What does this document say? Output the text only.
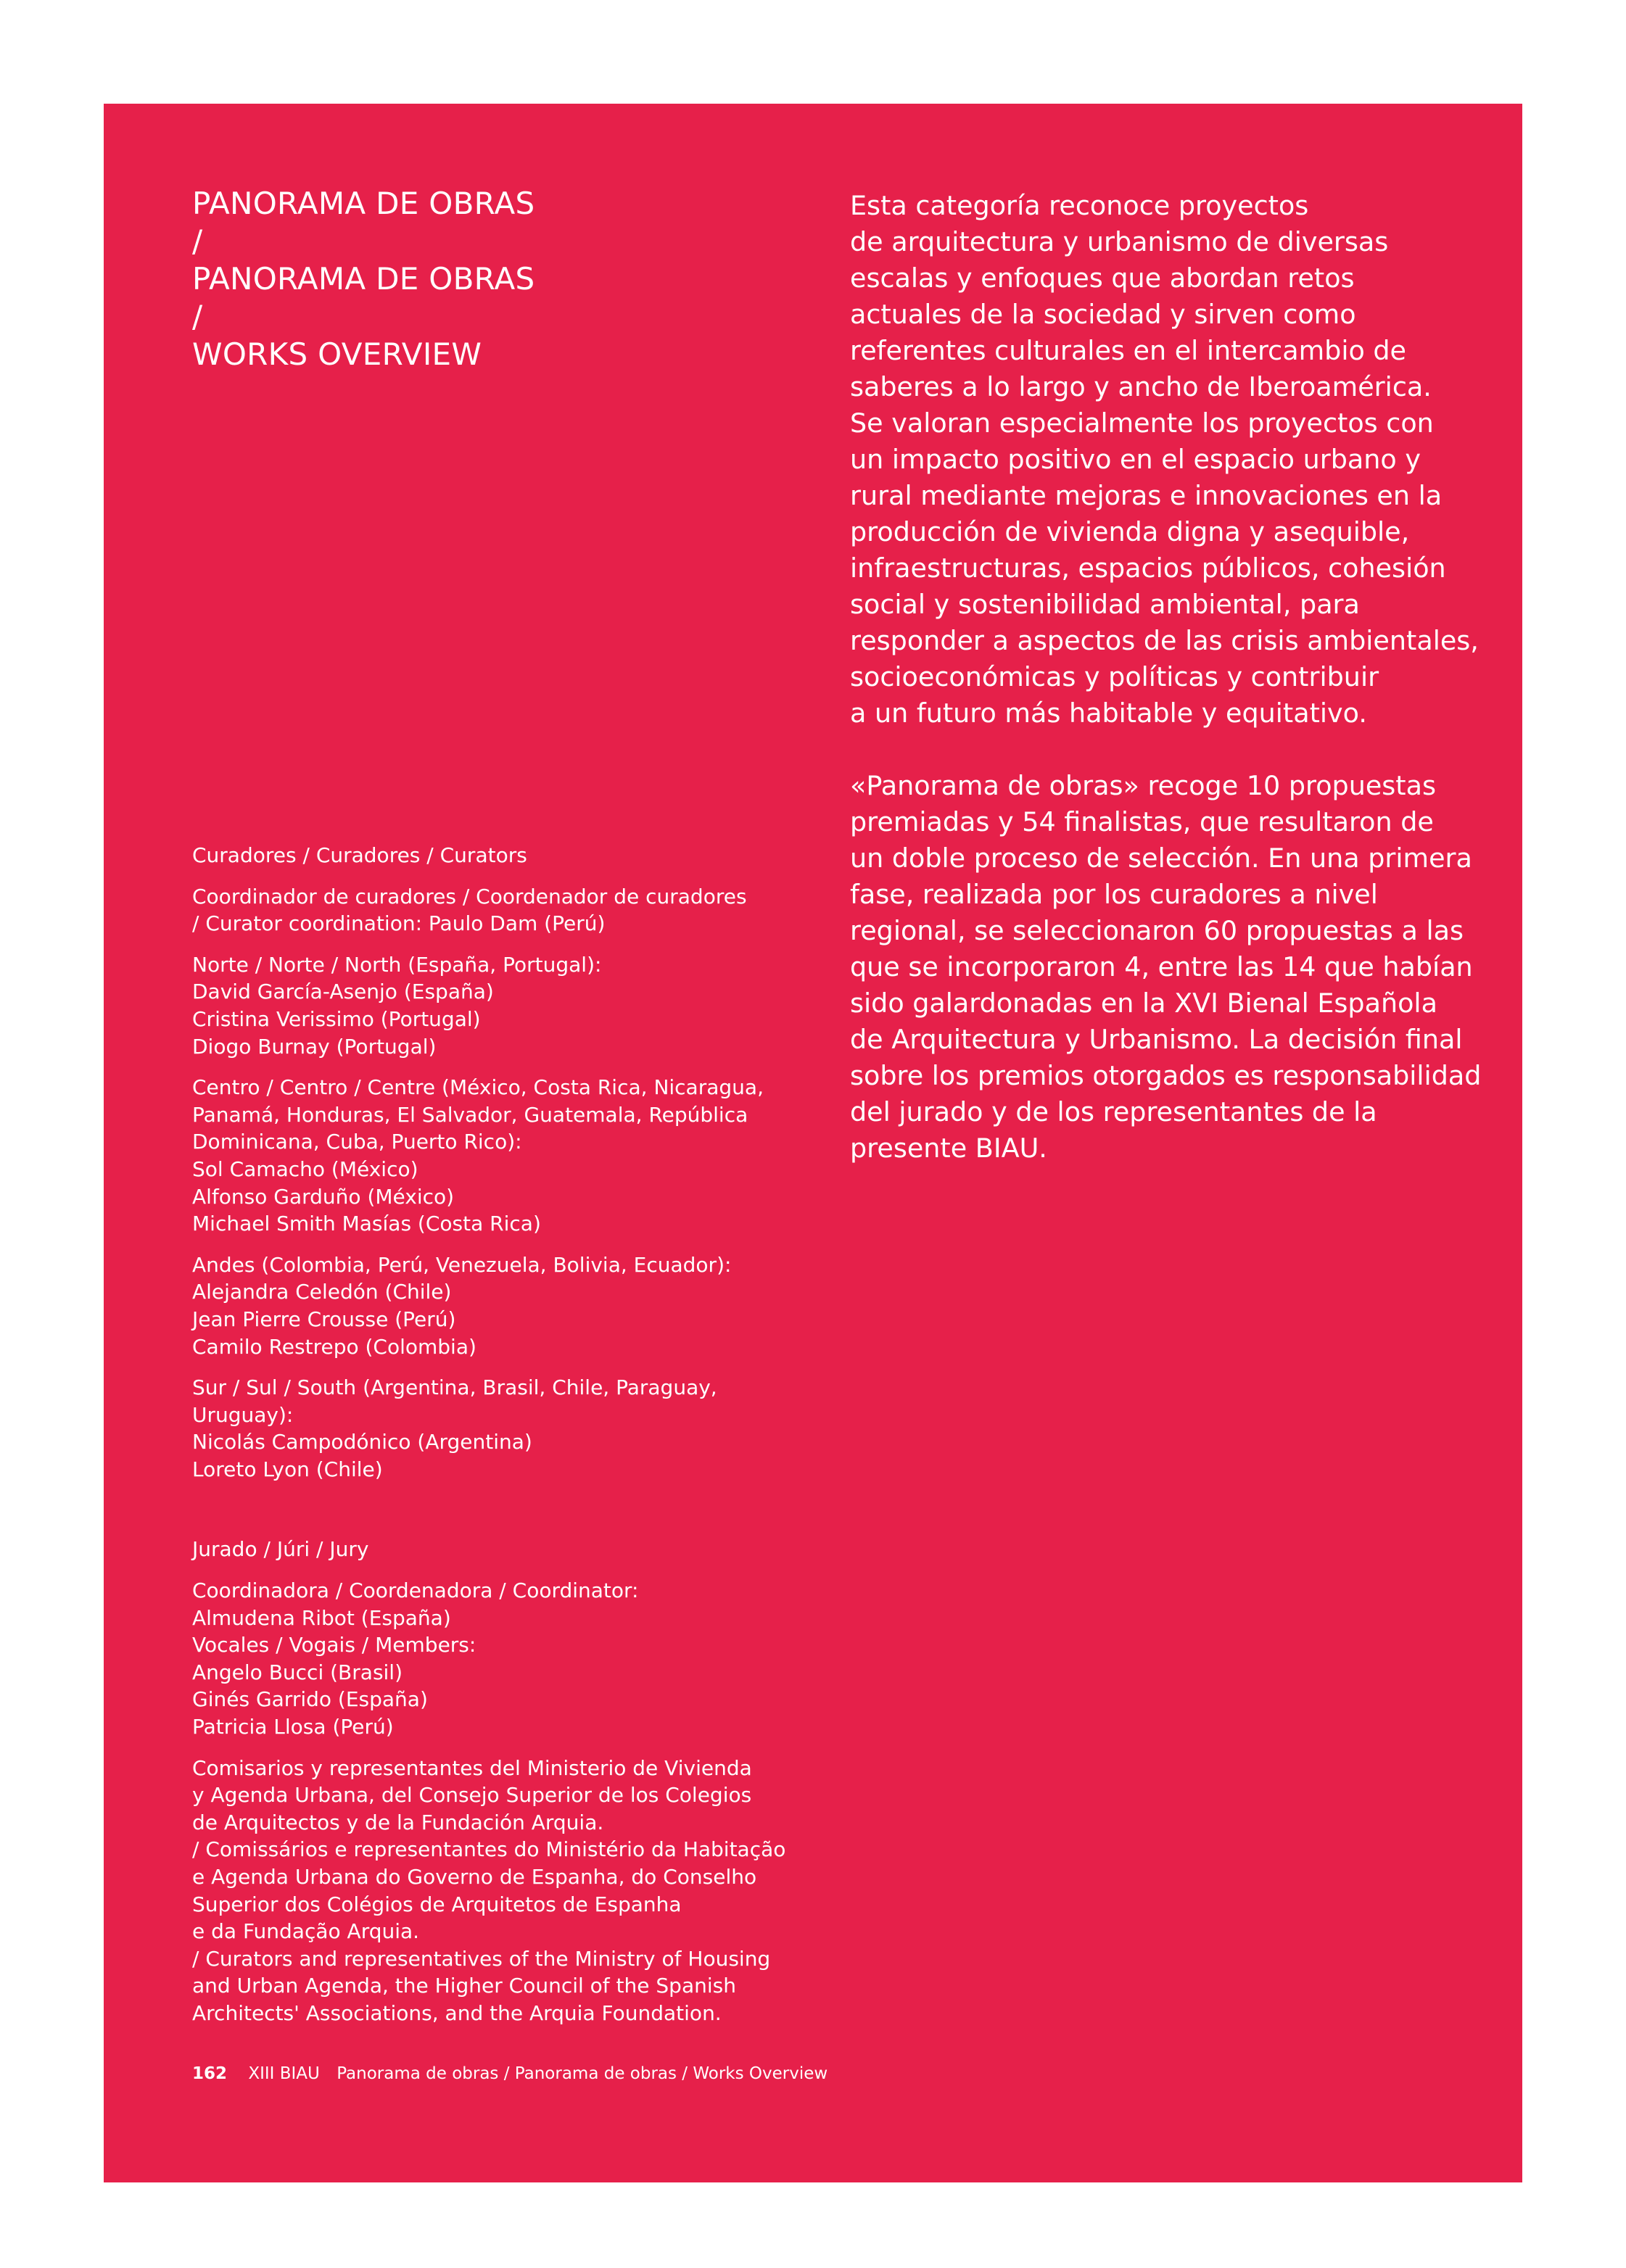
PANORAMA DE OBRAS
/
PANORAMA DE OBRAS
/
WORKS OVERVIEW
Curadores / Curadores / Curators
Coordinador de curadores / Coordenador de curadores
/ Curator coordination: Paulo Dam (Perú)
Norte / Norte / North (España, Portugal):
David García-Asenjo (España)
Cristina Verissimo (Portugal)
Diogo Burnay (Portugal)
Centro / Centro / Centre (México, Costa Rica, Nicaragua,
Panamá, Honduras, El Salvador, Guatemala, República
Dominicana, Cuba, Puerto Rico):
Sol Camacho (México)
Alfonso Garduño (México)
Michael Smith Masías (Costa Rica)
Andes (Colombia, Perú, Venezuela, Bolivia, Ecuador):
Alejandra Celedón (Chile)
Jean Pierre Crousse (Perú)
Camilo Restrepo (Colombia)
Sur / Sul / South (Argentina, Brasil, Chile, Paraguay,
Uruguay):
Nicolás Campodónico (Argentina)
Loreto Lyon (Chile)
Jurado / Júri / Jury
Coordinadora / Coordenadora / Coordinator:
Almudena Ribot (España)
Vocales / Vogais / Members:
Angelo Bucci (Brasil)
Ginés Garrido (España)
Patricia Llosa (Perú)
Comisarios y representantes del Ministerio de Vivienda
y Agenda Urbana, del Consejo Superior de los Colegios
de Arquitectos y de la Fundación Arquia.
/ Comissários e representantes do Ministério da Habitação
e Agenda Urbana do Governo de Espanha, do Conselho
Superior dos Colégios de Arquitetos de Espanha
e da Fundação Arquia.
/ Curators and representatives of the Ministry of Housing
and Urban Agenda, the Higher Council of the Spanish
Architects' Associations, and the Arquia Foundation.
Esta categoría reconoce proyectos
de arquitectura y urbanismo de diversas
escalas y enfoques que abordan retos
actuales de la sociedad y sirven como
referentes culturales en el intercambio de
saberes a lo largo y ancho de Iberoamérica.
Se valoran especialmente los proyectos con
un impacto positivo en el espacio urbano y
rural mediante mejoras e innovaciones en la
producción de vivienda digna y asequible,
infraestructuras, espacios públicos, cohesión
social y sostenibilidad ambiental, para
responder a aspectos de las crisis ambientales,
socioeconómicas y políticas y contribuir
a un futuro más habitable y equitativo.
«Panorama de obras» recoge 10 propuestas
premiadas y 54 finalistas, que resultaron de
un doble proceso de selección. En una primera
fase, realizada por los curadores a nivel
regional, se seleccionaron 60 propuestas a las
que se incorporaron 4, entre las 14 que habían
sido galardonadas en la XVI Bienal Española
de Arquitectura y Urbanismo. La decisión final
sobre los premios otorgados es responsabilidad
del jurado y de los representantes de la
presente BIAU.
162 XIII BIAU Panorama de obras / Panorama de obras / Works Overview
